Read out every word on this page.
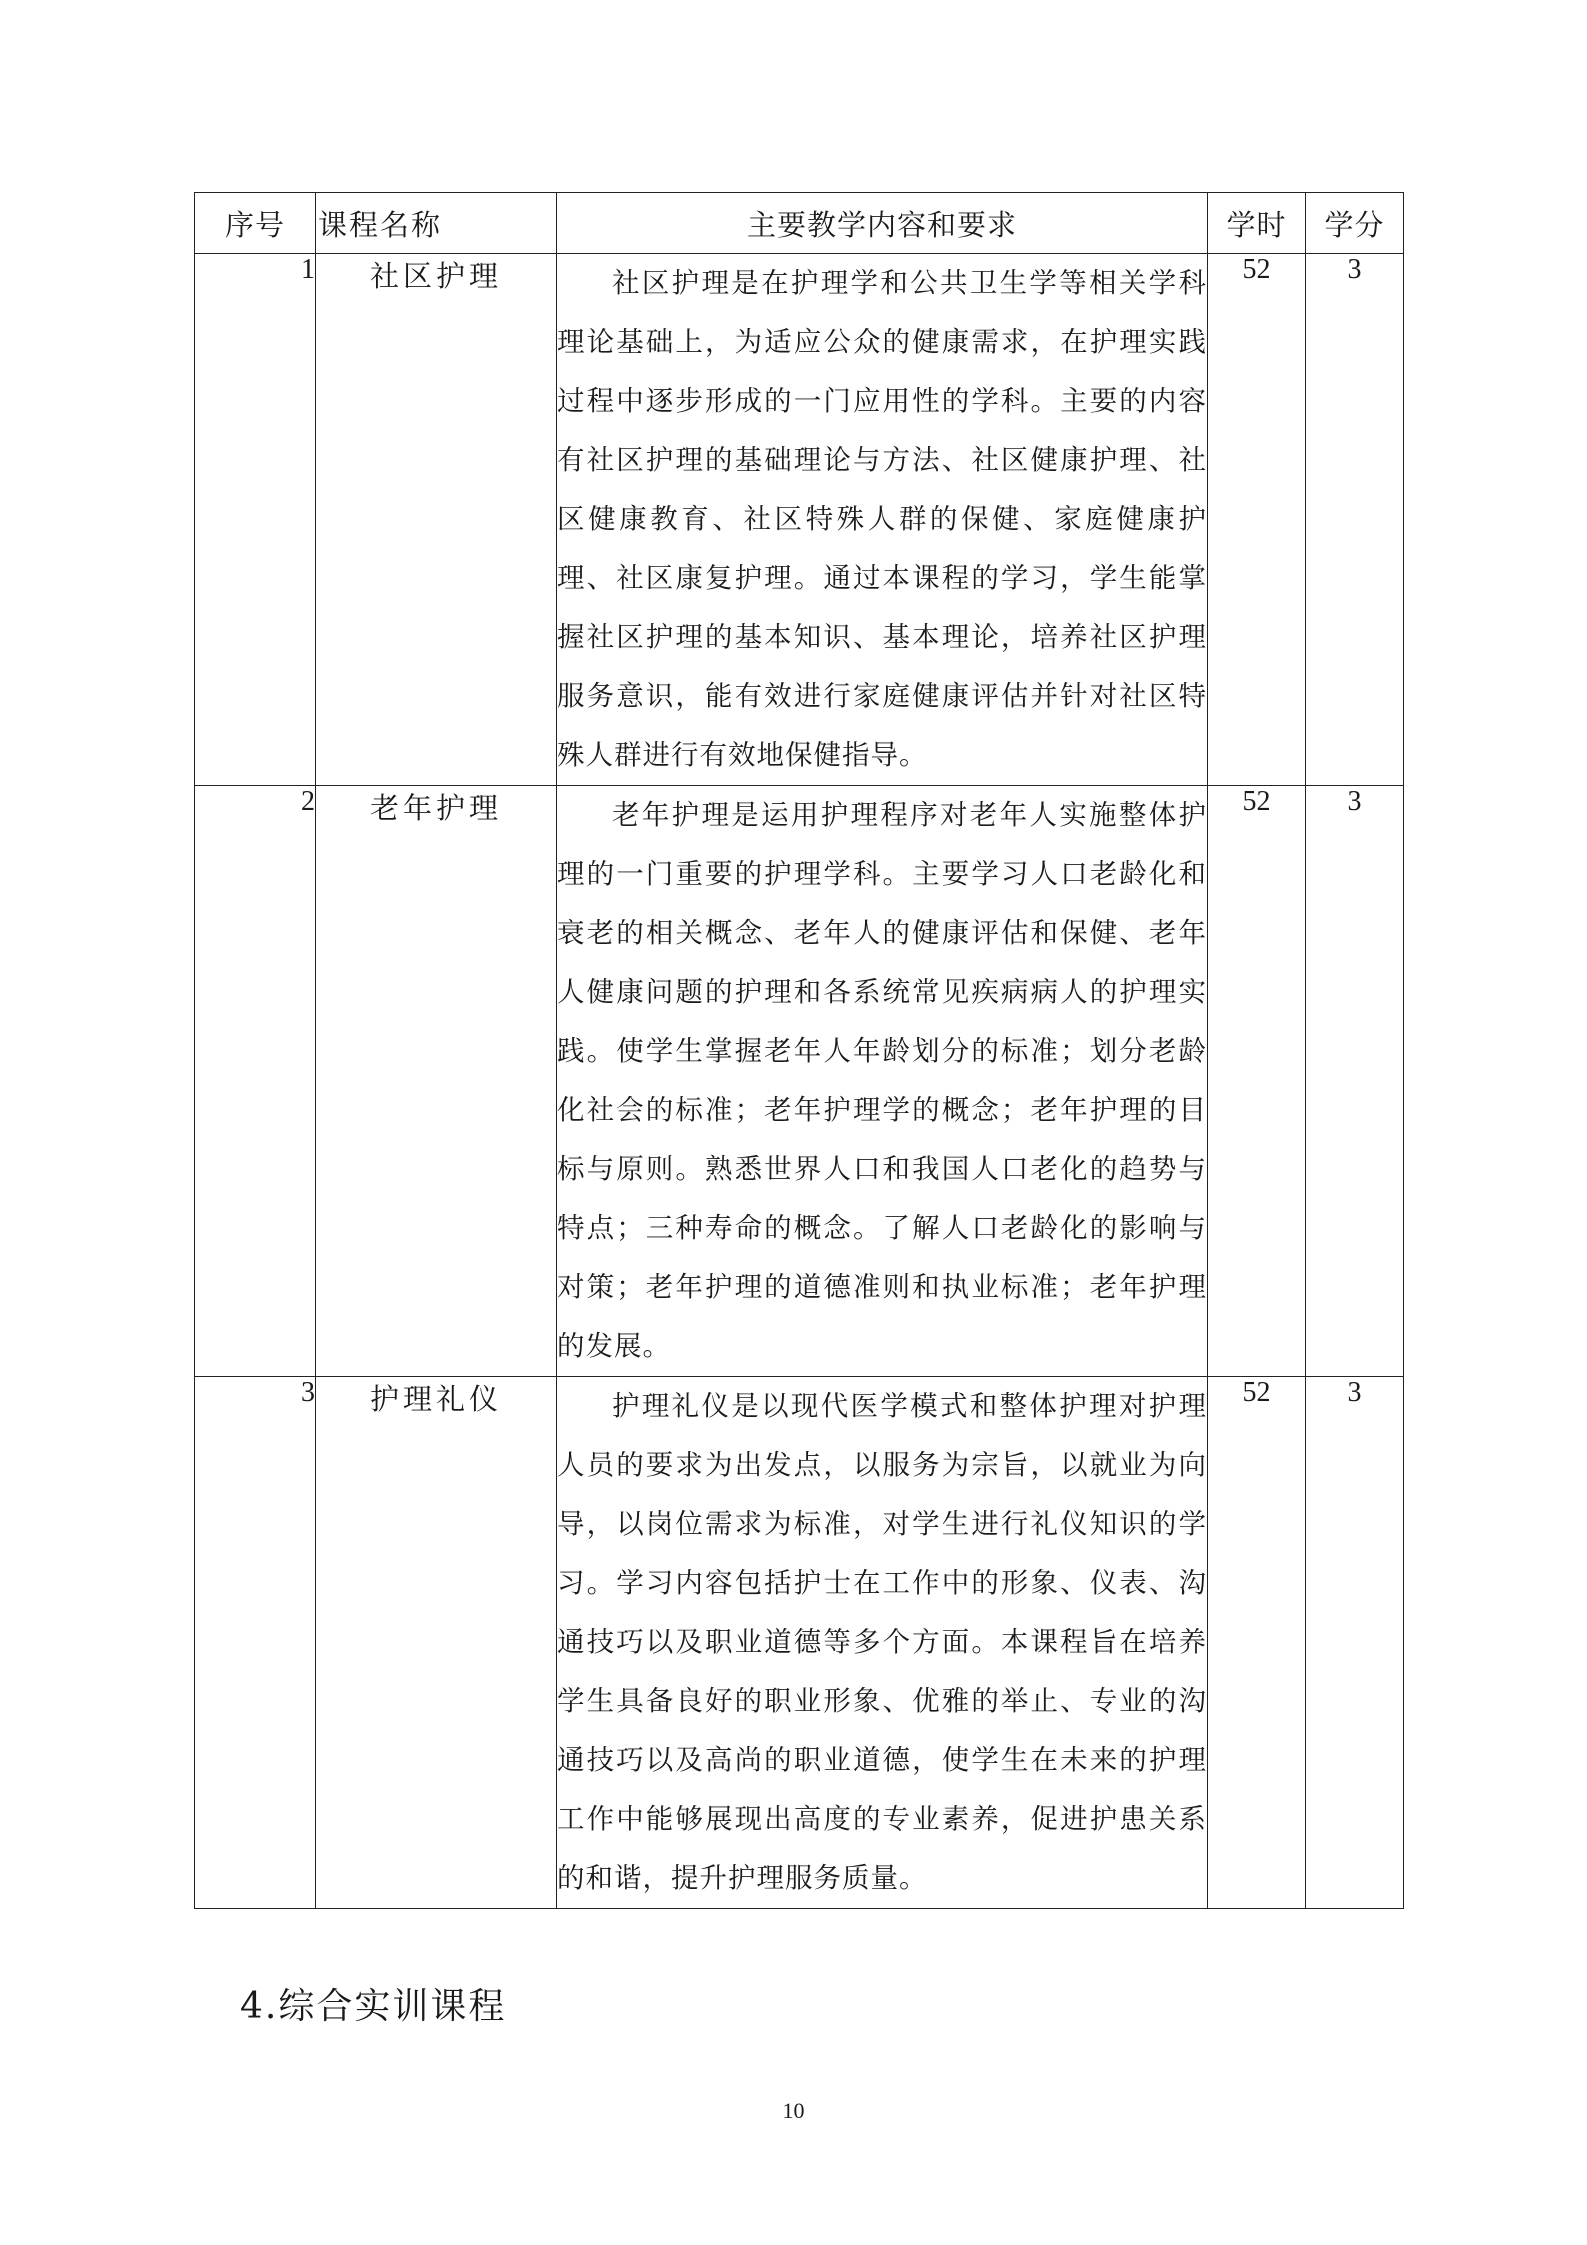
序号	课程名称	主要教学内容和要求	学时	学分
1	社区护理	社区护理是在护理学和公共卫生学等相关学科理论基础上，为适应公众的健康需求，在护理实践过程中逐步形成的一门应用性的学科。主要的内容有社区护理的基础理论与方法、社区健康护理、社区健康教育、社区特殊人群的保健、家庭健康护理、社区康复护理。通过本课程的学习，学生能掌握社区护理的基本知识、基本理论，培养社区护理服务意识，能有效进行家庭健康评估并针对社区特殊人群进行有效地保健指导。	52	3
2	老年护理	老年护理是运用护理程序对老年人实施整体护理的一门重要的护理学科。主要学习人口老龄化和衰老的相关概念、老年人的健康评估和保健、老年人健康问题的护理和各系统常见疾病病人的护理实践。使学生掌握老年人年龄划分的标准；划分老龄化社会的标准；老年护理学的概念；老年护理的目标与原则。熟悉世界人口和我国人口老化的趋势与特点；三种寿命的概念。了解人口老龄化的影响与对策；老年护理的道德准则和执业标准；老年护理的发展。	52	3
3	护理礼仪	护理礼仪是以现代医学模式和整体护理对护理人员的要求为出发点，以服务为宗旨，以就业为向导，以岗位需求为标准，对学生进行礼仪知识的学习。学习内容包括护士在工作中的形象、仪表、沟通技巧以及职业道德等多个方面。本课程旨在培养学生具备良好的职业形象、优雅的举止、专业的沟通技巧以及高尚的职业道德，使学生在未来的护理工作中能够展现出高度的专业素养，促进护患关系的和谐，提升护理服务质量。	52	3
4.综合实训课程
10
